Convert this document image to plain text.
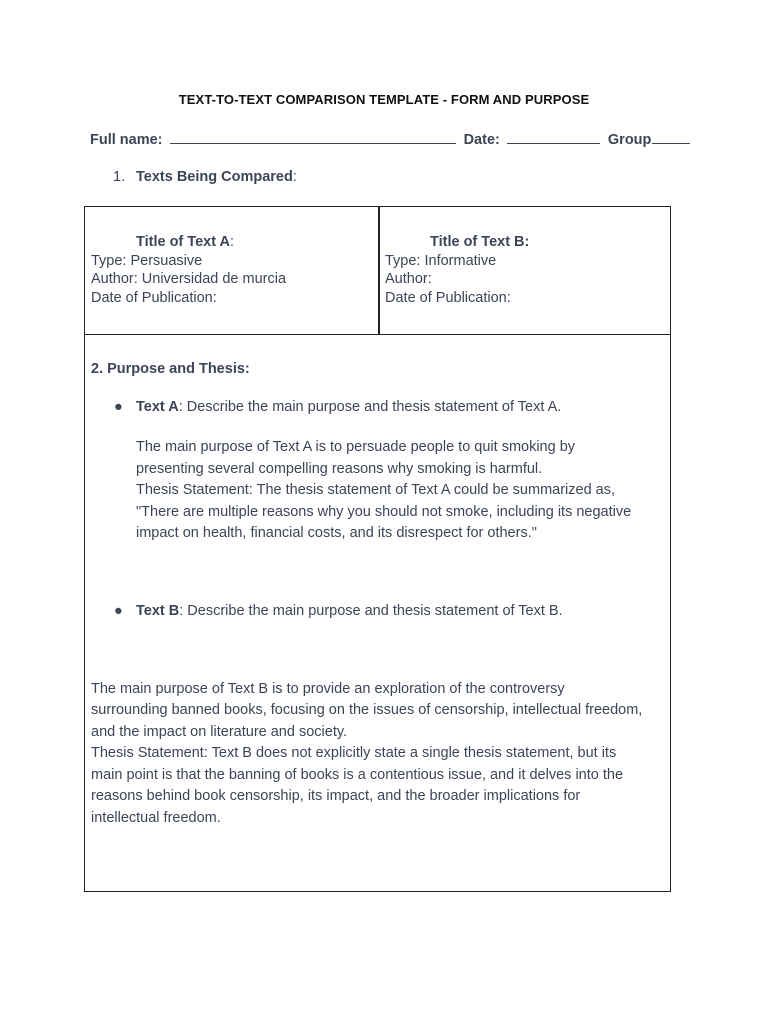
TEXT-TO-TEXT COMPARISON TEMPLATE - FORM AND PURPOSE
Full name:	Date:	Group
1. Texts Being Compared:
Title of Text A:
Type: Persuasive
Author: Universidad de murcia
Date of Publication:
Title of Text B:
Type: Informative
Author:
Date of Publication:
2. Purpose and Thesis:
● Text A: Describe the main purpose and thesis statement of Text A.
The main purpose of Text A is to persuade people to quit smoking by
presenting several compelling reasons why smoking is harmful.
Thesis Statement: The thesis statement of Text A could be summarized as,
"There are multiple reasons why you should not smoke, including its negative
impact on health, financial costs, and its disrespect for others."
● Text B: Describe the main purpose and thesis statement of Text B.
The main purpose of Text B is to provide an exploration of the controversy
surrounding banned books, focusing on the issues of censorship, intellectual freedom,
and the impact on literature and society.
Thesis Statement: Text B does not explicitly state a single thesis statement, but its
main point is that the banning of books is a contentious issue, and it delves into the
reasons behind book censorship, its impact, and the broader implications for
intellectual freedom.
